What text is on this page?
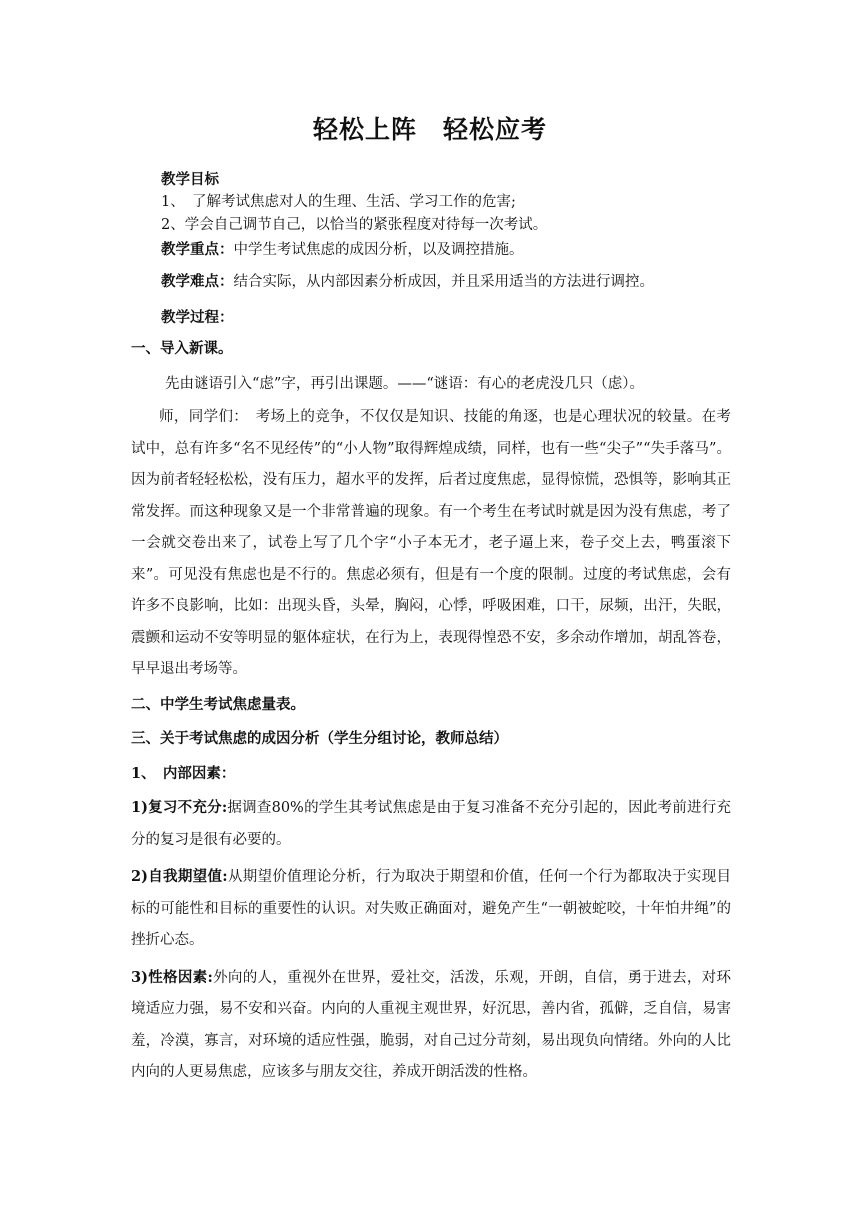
轻松上阵　轻松应考
教学目标
1、　了解考试焦虑对人的生理、生活、学习工作的危害;
2、学会自己调节自己，以恰当的紧张程度对待每一次考试。
教学重点：中学生考试焦虑的成因分析，以及调控措施。
教学难点：结合实际，从内部因素分析成因，并且采用适当的方法进行调控。
教学过程：
一、导入新课。
先由谜语引入“虑”字，再引出课题。——“谜语：有心的老虎没几只（虑）。
师，同学们：　考场上的竞争，不仅仅是知识、技能的角逐，也是心理状况的较量。在考试中，总有许多“名不见经传”的“小人物”取得辉煌成绩，同样，也有一些“尖子”“失手落马”。因为前者轻轻松松，没有压力，超水平的发挥，后者过度焦虑，显得惊慌，恐惧等，影响其正常发挥。而这种现象又是一个非常普遍的现象。有一个考生在考试时就是因为没有焦虑，考了一会就交卷出来了，试卷上写了几个字“小子本无才，老子逼上来，卷子交上去，鸭蛋滚下来”。可见没有焦虑也是不行的。焦虑必须有，但是有一个度的限制。过度的考试焦虑，会有许多不良影响，比如：出现头昏，头晕，胸闷，心悸，呼吸困难，口干，尿频，出汗，失眠，震颤和运动不安等明显的躯体症状，在行为上，表现得惶恐不安，多余动作增加，胡乱答卷，早早退出考场等。
二、中学生考试焦虑量表。
三、关于考试焦虑的成因分析（学生分组讨论，教师总结）
1、　内部因素：
1)复习不充分:据调查80%的学生其考试焦虑是由于复习准备不充分引起的，因此考前进行充分的复习是很有必要的。
2)自我期望值:从期望价值理论分析，行为取决于期望和价值，任何一个行为都取决于实现目标的可能性和目标的重要性的认识。对失败正确面对，避免产生“一朝被蛇咬，十年怕井绳”的挫折心态。
3)性格因素:外向的人，重视外在世界，爱社交，活泼，乐观，开朗，自信，勇于进去，对环境适应力强，易不安和兴奋。内向的人重视主观世界，好沉思，善内省，孤僻，乏自信，易害羞，冷漠，寡言，对环境的适应性强，脆弱，对自己过分苛刻，易出现负向情绪。外向的人比内向的人更易焦虑，应该多与朋友交往，养成开朗活泼的性格。
